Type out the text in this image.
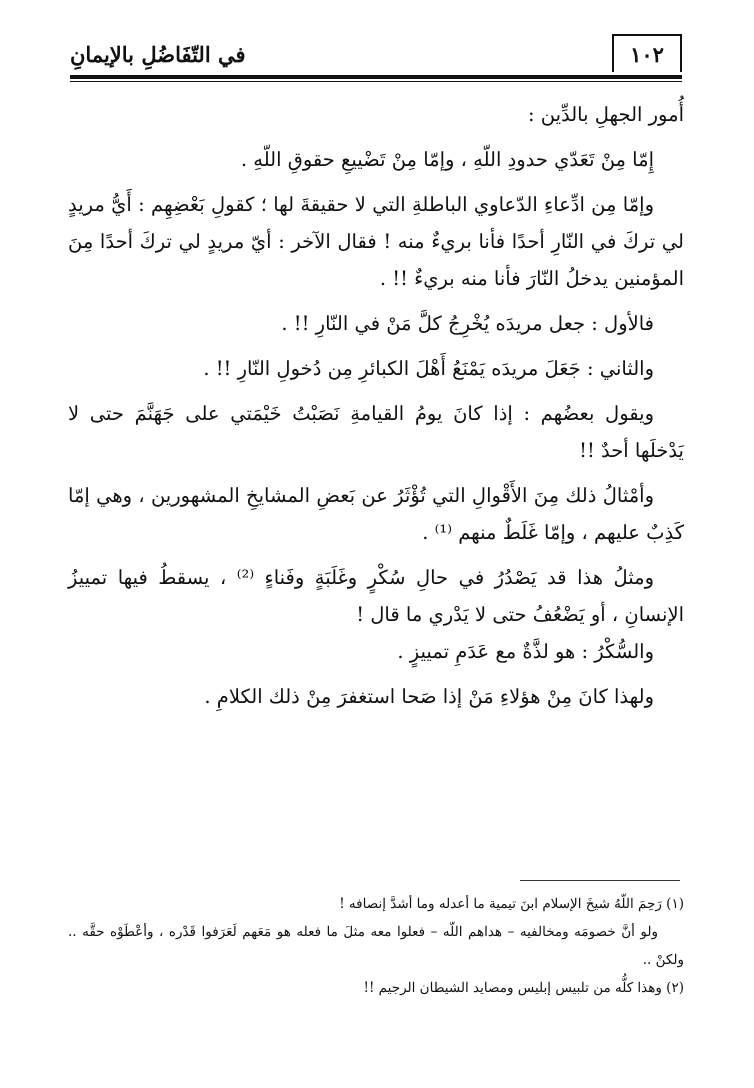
في التّفَاضُلِ بالإيمانِ	١٠٢

أُمور الجهلِ بالدِّين :

إِمّا مِنْ تَعَدّي حدودِ اللّهِ ، وإمّا مِنْ تَضْييعِ حقوقِ اللّهِ .

وإمّا مِن ادِّعاءِ الدّعاوي الباطلةِ التي لا حقيقةَ لها ؛ كقولِ بَعْضِهِم : أَيُّ مريدٍ لي تركَ في النّارِ أحدًا فأنا بريءٌ منه ! فقال الآخر : أيّ مريدٍ لي تركَ أحدًا مِنَ المؤمنين يدخلُ النّارَ فأنا منه بريءٌ !! .

فالأول : جعل مريدَه يُخْرِجُ كلَّ مَنْ في النّارِ !! .

والثاني : جَعَلَ مريدَه يَمْنَعُ أَهْلَ الكبائرِ مِن دُخولِ النّارِ !! .

ويقول بعضُهم : إذا كانَ يومُ القيامةِ نَصَبْتُ خَيْمَتي على جَهَنَّمَ حتى لا يَدْخلَها أحدٌ !!

وأمْثالُ ذلك مِنَ الأَقْوالِ التي تُؤْثَرُ عن بَعضِ المشايخِ المشهورين ، وهي إمّا كَذِبٌ عليهم ، وإمّا غَلَطٌ منهم ⁽¹⁾ .

ومثلُ هذا قد يَصْدُرُ في حالِ سُكْرٍ وغَلَبَةٍ وفَناءٍ ⁽²⁾ ، يسقطُ فيها تمييزُ الإنسانِ ، أو يَضْعُفُ حتى لا يَدْري ما قال !

والسُّكْرُ : هو لذَّةٌ مع عَدَمِ تمييزٍ .

ولهذا كانَ مِنْ هؤلاءِ مَنْ إذا صَحا استغفرَ مِنْ ذلك الكلامِ .

(١) رَحِمَ اللّهُ شيخَ الإسلام ابنَ تيمية ما أعدله وما أشدَّ إنصافه !

ولو أنَّ خصومَه ومخالفيه – هداهم اللّه – فعلوا معه مثلَ ما فعله هو مَعَهم لَعَرَفوا قَدْره ، وأعْطَوْه حقَّه .. ولكنْ ..

(٢) وهذا كلُّه من تلبيس إبليس ومصايد الشيطان الرجيم !!
